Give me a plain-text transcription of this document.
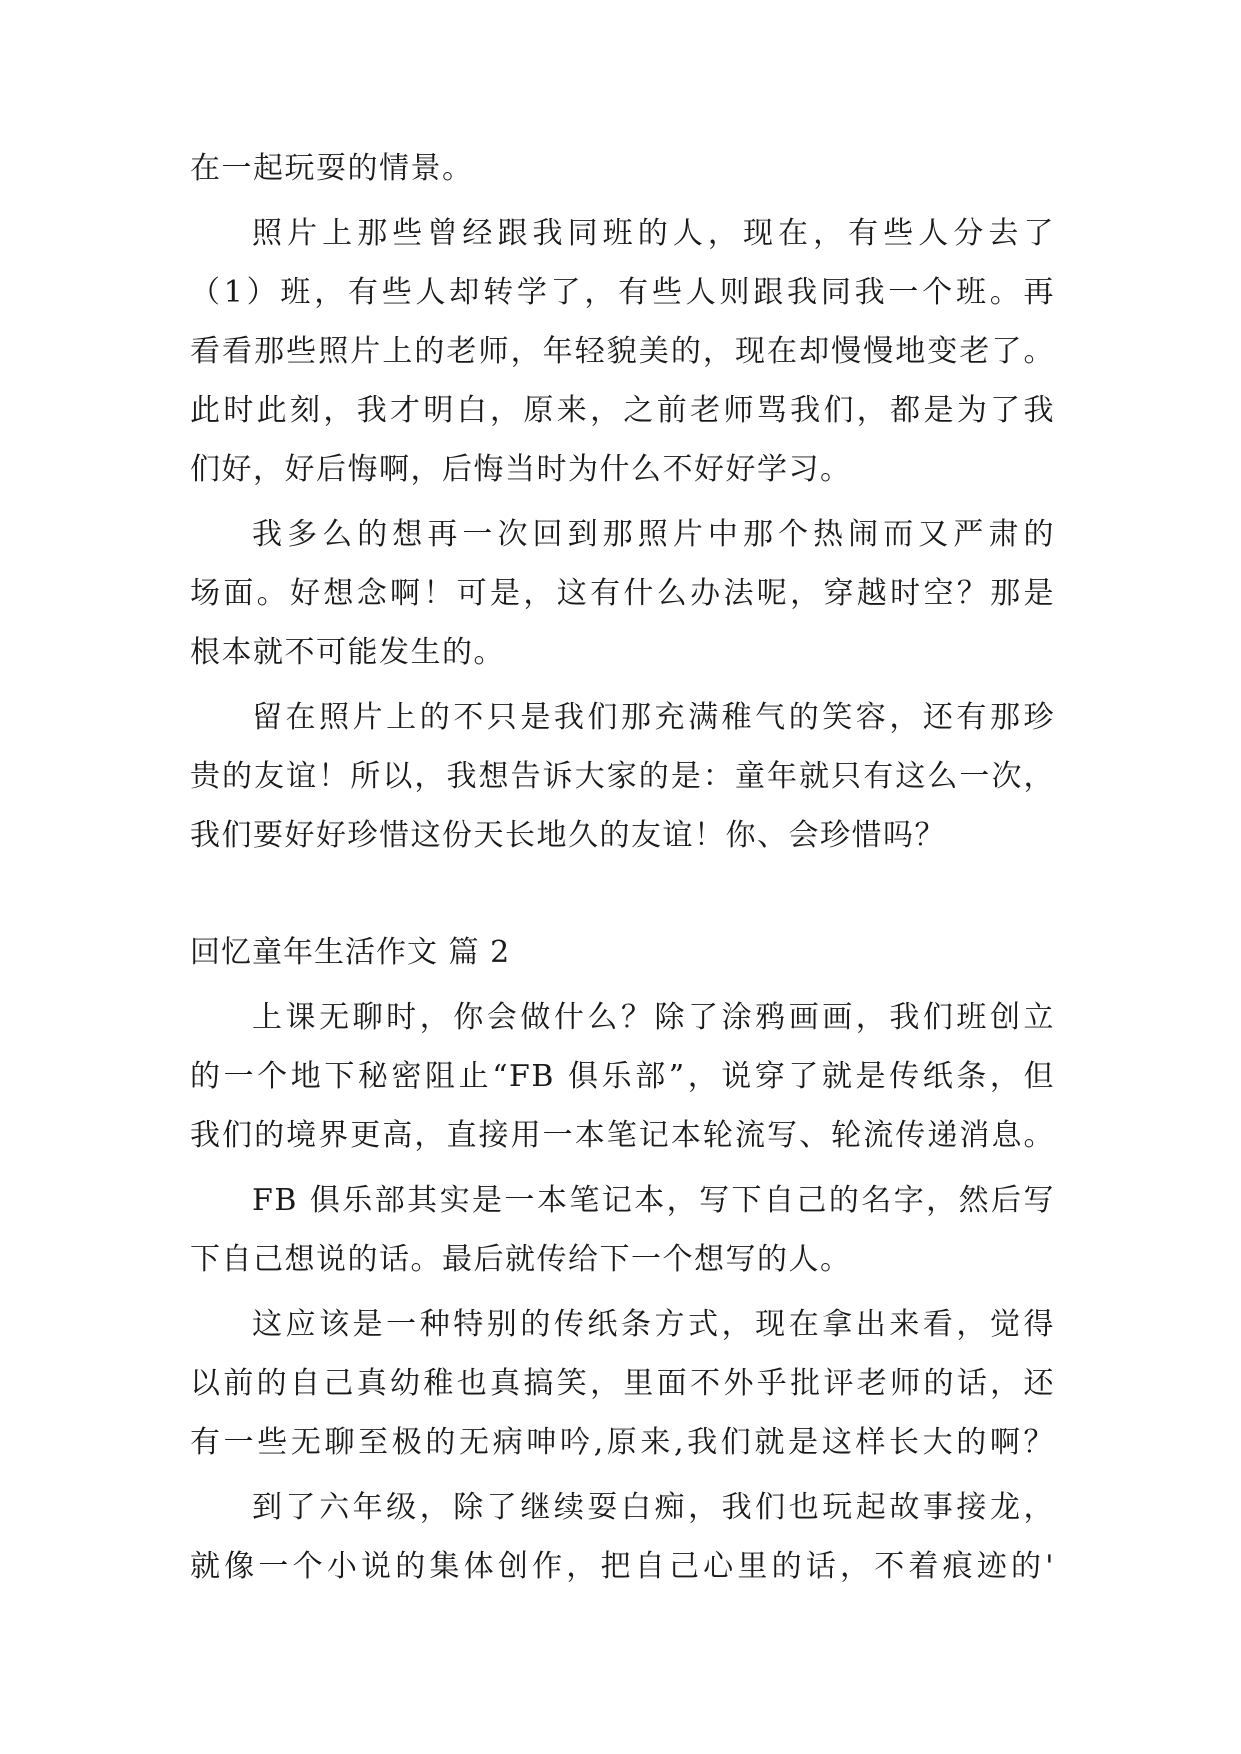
在一起玩耍的情景。
照片上那些曾经跟我同班的人，现在，有些人分去了
（1）班，有些人却转学了，有些人则跟我同我一个班。再
看看那些照片上的老师，年轻貌美的，现在却慢慢地变老了。
此时此刻，我才明白，原来，之前老师骂我们，都是为了我
们好，好后悔啊，后悔当时为什么不好好学习。
我多么的想再一次回到那照片中那个热闹而又严肃的
场面。好想念啊！可是，这有什么办法呢，穿越时空？那是
根本就不可能发生的。
留在照片上的不只是我们那充满稚气的笑容，还有那珍
贵的友谊！所以，我想告诉大家的是：童年就只有这么一次，
我们要好好珍惜这份天长地久的友谊！你、会珍惜吗？
回忆童年生活作文 篇 2
上课无聊时，你会做什么？除了涂鸦画画，我们班创立
的一个地下秘密阻止“FB 俱乐部”，说穿了就是传纸条，但
我们的境界更高，直接用一本笔记本轮流写、轮流传递消息。
FB 俱乐部其实是一本笔记本，写下自己的名字，然后写
下自己想说的话。最后就传给下一个想写的人。
这应该是一种特别的传纸条方式，现在拿出来看，觉得
以前的自己真幼稚也真搞笑，里面不外乎批评老师的话，还
有一些无聊至极的无病呻吟,原来,我们就是这样长大的啊？
到了六年级，除了继续耍白痴，我们也玩起故事接龙，
就像一个小说的集体创作，把自己心里的话，不着痕迹的'
